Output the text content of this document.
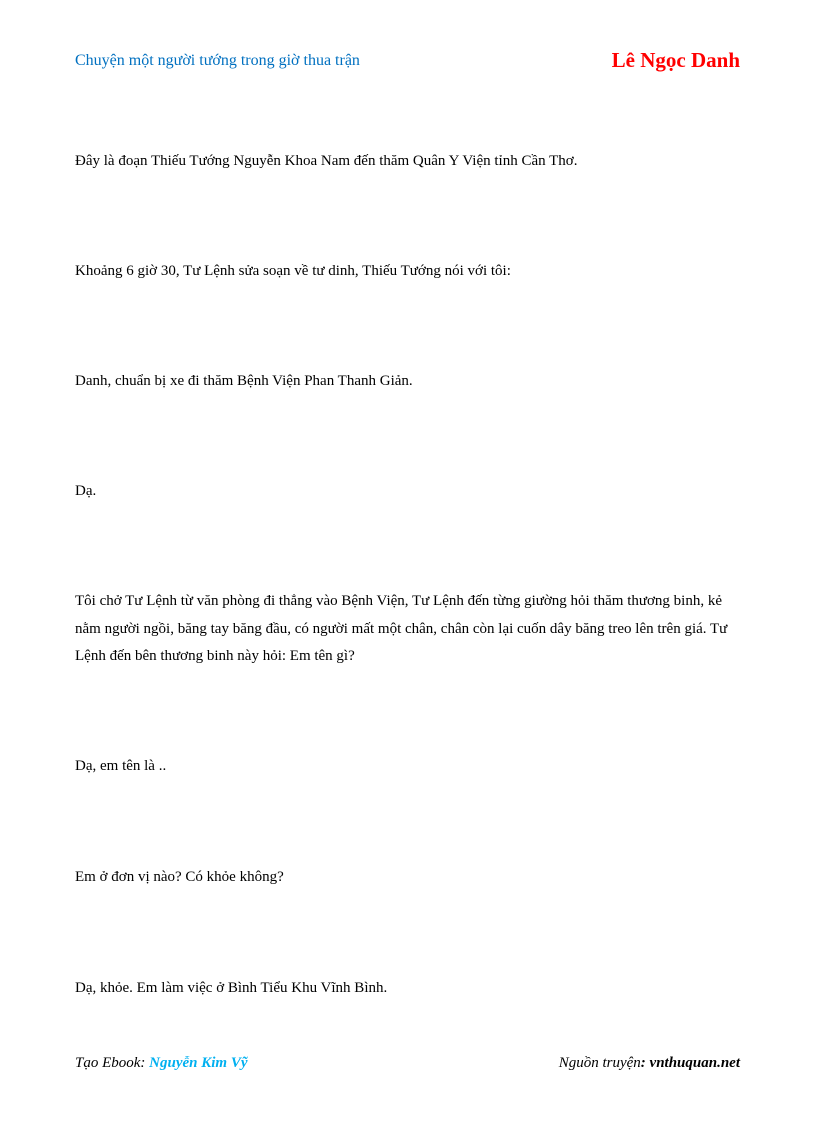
Chuyện một người tướng trong giờ thua trận	Lê Ngọc Danh

Đây là đoạn Thiếu Tướng Nguyễn Khoa Nam đến thăm Quân Y Viện tỉnh Cần Thơ.

Khoảng 6 giờ 30, Tư Lệnh sửa soạn về tư dinh, Thiếu Tướng nói với tôi:

Danh, chuẩn bị xe đi thăm Bệnh Viện Phan Thanh Giản.

Dạ.

Tôi chở Tư Lệnh từ văn phòng đi thẳng vào Bệnh Viện, Tư Lệnh đến từng giường hỏi thăm thương binh, kẻ nằm người ngồi, băng tay băng đầu, có người mất một chân, chân còn lại cuốn dây băng treo lên trên giá. Tư Lệnh đến bên thương binh này hỏi: Em tên gì?

Dạ, em tên là ..

Em ở đơn vị nào? Có khỏe không?

Dạ, khỏe. Em làm việc ở Bình Tiểu Khu Vĩnh Bình.

Tạo Ebook: Nguyễn Kim Vỹ	Nguồn truyện: vnthuquan.net
